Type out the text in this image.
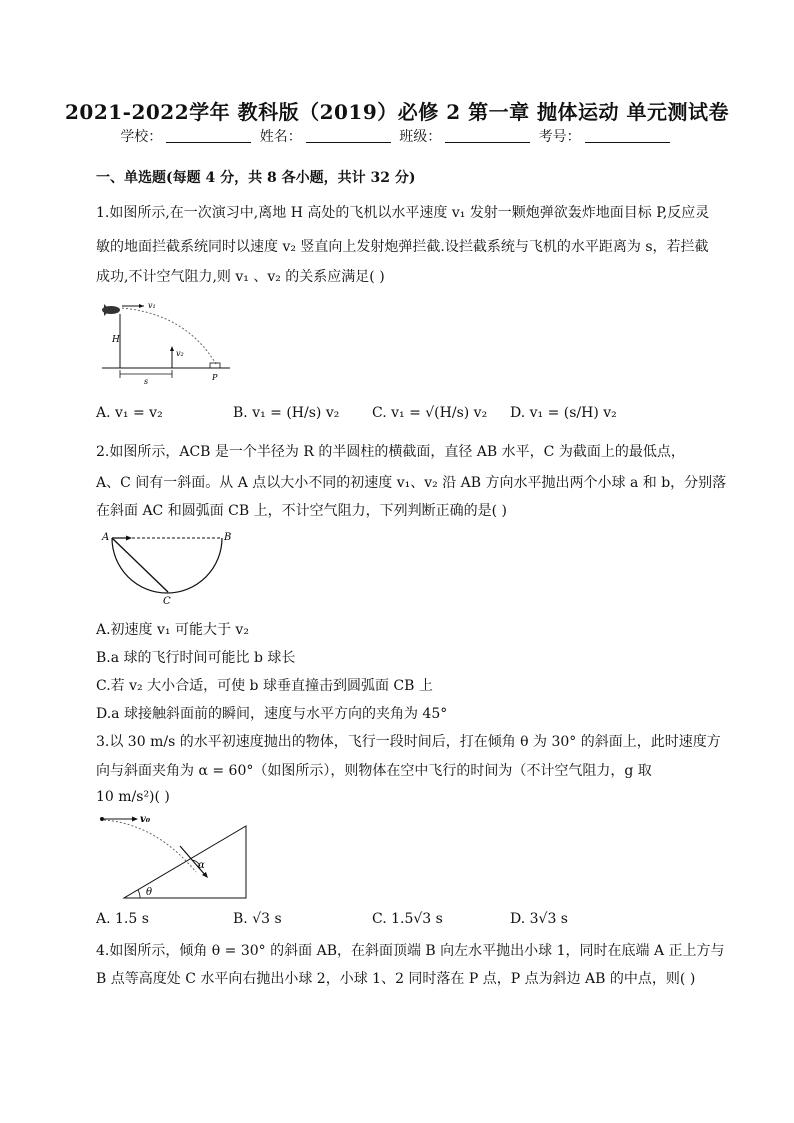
2021-2022学年 教科版（2019）必修 2 第一章 抛体运动 单元测试卷
学校：	姓名：	班级：	考号：
一、单选题(每题 4 分，共 8 各小题，共计 32 分)
1.如图所示,在一次演习中,离地 H 高处的飞机以水平速度 v₁ 发射一颗炮弹欲轰炸地面目标 P,反应灵
敏的地面拦截系统同时以速度 v₂ 竖直向上发射炮弹拦截.设拦截系统与飞机的水平距离为 s，若拦截
成功,不计空气阻力,则 v₁ 、v₂ 的关系应满足( )
v₁
H
v₂
s	P
A. v₁ = v₂	B. v₁ = (H/s) v₂ C. v₁ = √(H/s) v₂ D. v₁ = (s/H) v₂
2.如图所示，ACB 是一个半径为 R 的半圆柱的横截面，直径 AB 水平，C 为截面上的最低点，
A、C 间有一斜面。从 A 点以大小不同的初速度 v₁、v₂ 沿 AB 方向水平抛出两个小球 a 和 b，分别落
在斜面 AC 和圆弧面 CB 上，不计空气阻力，下列判断正确的是( )
A	B
C
A.初速度 v₁ 可能大于 v₂
B.a 球的飞行时间可能比 b 球长
C.若 v₂ 大小合适，可使 b 球垂直撞击到圆弧面 CB 上
D.a 球接触斜面前的瞬间，速度与水平方向的夹角为 45°
3.以 30 m/s 的水平初速度抛出的物体，飞行一段时间后，打在倾角 θ 为 30° 的斜面上，此时速度方
向与斜面夹角为 α = 60°（如图所示），则物体在空中飞行的时间为（不计空气阻力，g 取
10 m/s²)( )
v₀
α
θ
A. 1.5 s	B. √3 s	C. 1.5√3 s	D. 3√3 s
4.如图所示，倾角 θ = 30° 的斜面 AB，在斜面顶端 B 向左水平抛出小球 1，同时在底端 A 正上方与
B 点等高度处 C 水平向右抛出小球 2，小球 1、2 同时落在 P 点，P 点为斜边 AB 的中点，则( )
